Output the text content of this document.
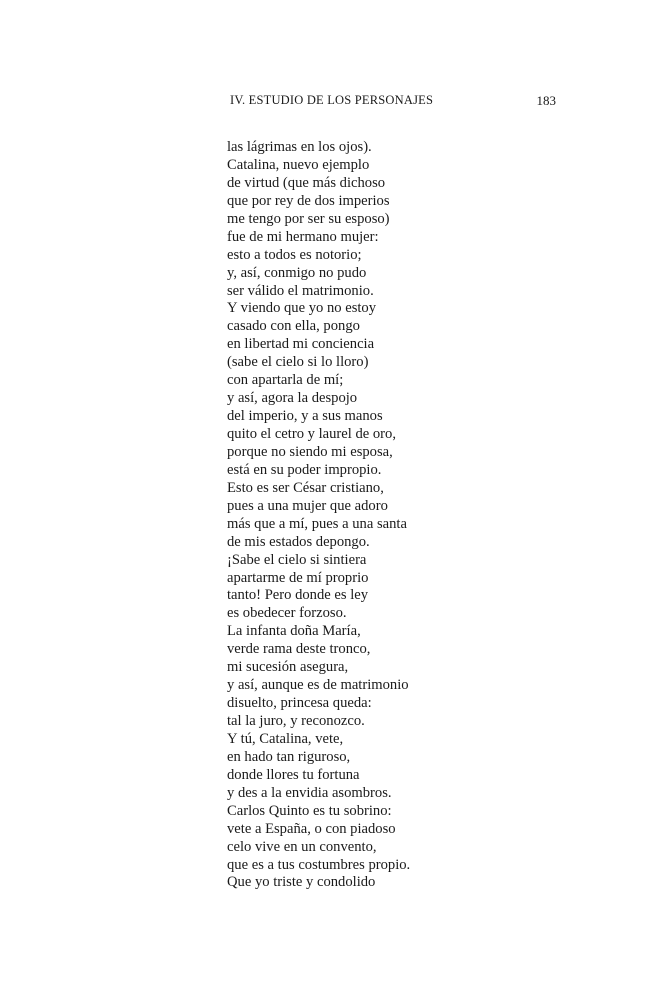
IV. ESTUDIO DE LOS PERSONAJES	183
las lágrimas en los ojos).
Catalina, nuevo ejemplo
de virtud (que más dichoso
que por rey de dos imperios
me tengo por ser su esposo)
fue de mi hermano mujer:
esto a todos es notorio;
y, así, conmigo no pudo
ser válido el matrimonio.
Y viendo que yo no estoy
casado con ella, pongo
en libertad mi conciencia
(sabe el cielo si lo lloro)
con apartarla de mí;
y así, agora la despojo
del imperio, y a sus manos
quito el cetro y laurel de oro,
porque no siendo mi esposa,
está en su poder impropio.
Esto es ser César cristiano,
pues a una mujer que adoro
más que a mí, pues a una santa
de mis estados depongo.
¡Sabe el cielo si sintiera
apartarme de mí proprio
tanto! Pero donde es ley
es obedecer forzoso.
La infanta doña María,
verde rama deste tronco,
mi sucesión asegura,
y así, aunque es de matrimonio
disuelto, princesa queda:
tal la juro, y reconozco.
Y tú, Catalina, vete,
en hado tan riguroso,
donde llores tu fortuna
y des a la envidia asombros.
Carlos Quinto es tu sobrino:
vete a España, o con piadoso
celo vive en un convento,
que es a tus costumbres propio.
Que yo triste y condolido
